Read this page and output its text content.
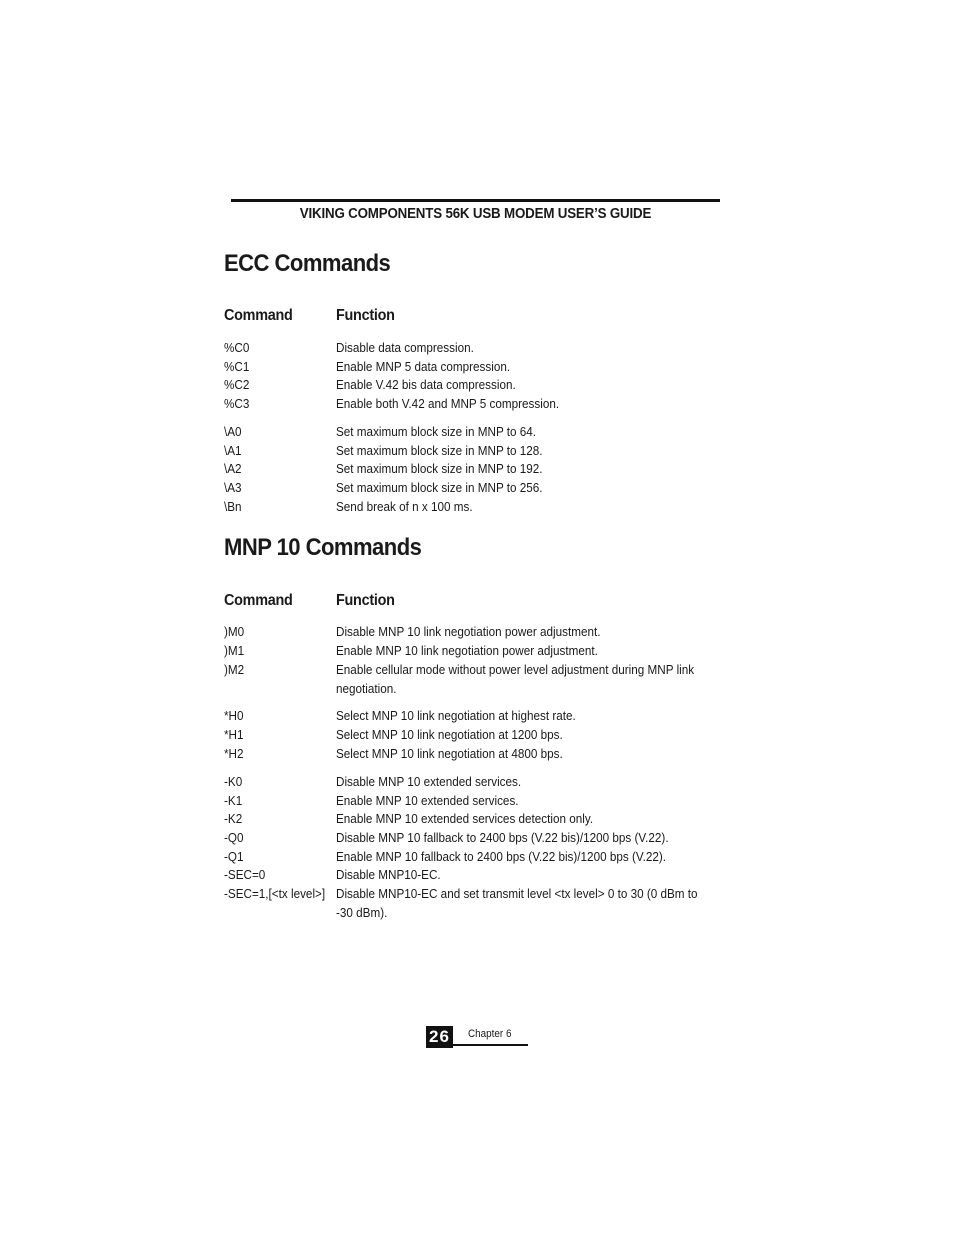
VIKING COMPONENTS 56K USB MODEM USER’S GUIDE
ECC Commands
Command	Function
%C0	Disable data compression.
%C1	Enable MNP 5 data compression.
%C2	Enable V.42 bis data compression.
%C3	Enable both V.42 and MNP 5 compression.
\A0	Set maximum block size in MNP to 64.
\A1	Set maximum block size in MNP to 128.
\A2	Set maximum block size in MNP to 192.
\A3	Set maximum block size in MNP to 256.
\Bn	Send break of n x 100 ms.
MNP 10 Commands
Command	Function
)M0	Disable MNP 10 link negotiation power adjustment.
)M1	Enable MNP 10 link negotiation power adjustment.
)M2	Enable cellular mode without power level adjustment during MNP link negotiation.
*H0	Select MNP 10 link negotiation at highest rate.
*H1	Select MNP 10 link negotiation at 1200 bps.
*H2	Select MNP 10 link negotiation at 4800 bps.
-K0	Disable MNP 10 extended services.
-K1	Enable MNP 10 extended services.
-K2	Enable MNP 10 extended services detection only.
-Q0	Disable MNP 10 fallback to 2400 bps (V.22 bis)/1200 bps (V.22).
-Q1	Enable MNP 10 fallback to 2400 bps (V.22 bis)/1200 bps (V.22).
-SEC=0	Disable MNP10-EC.
-SEC=1,[<tx level>] Disable MNP10-EC and set transmit level <tx level> 0 to 30 (0 dBm to -30 dBm).
26 Chapter 6
